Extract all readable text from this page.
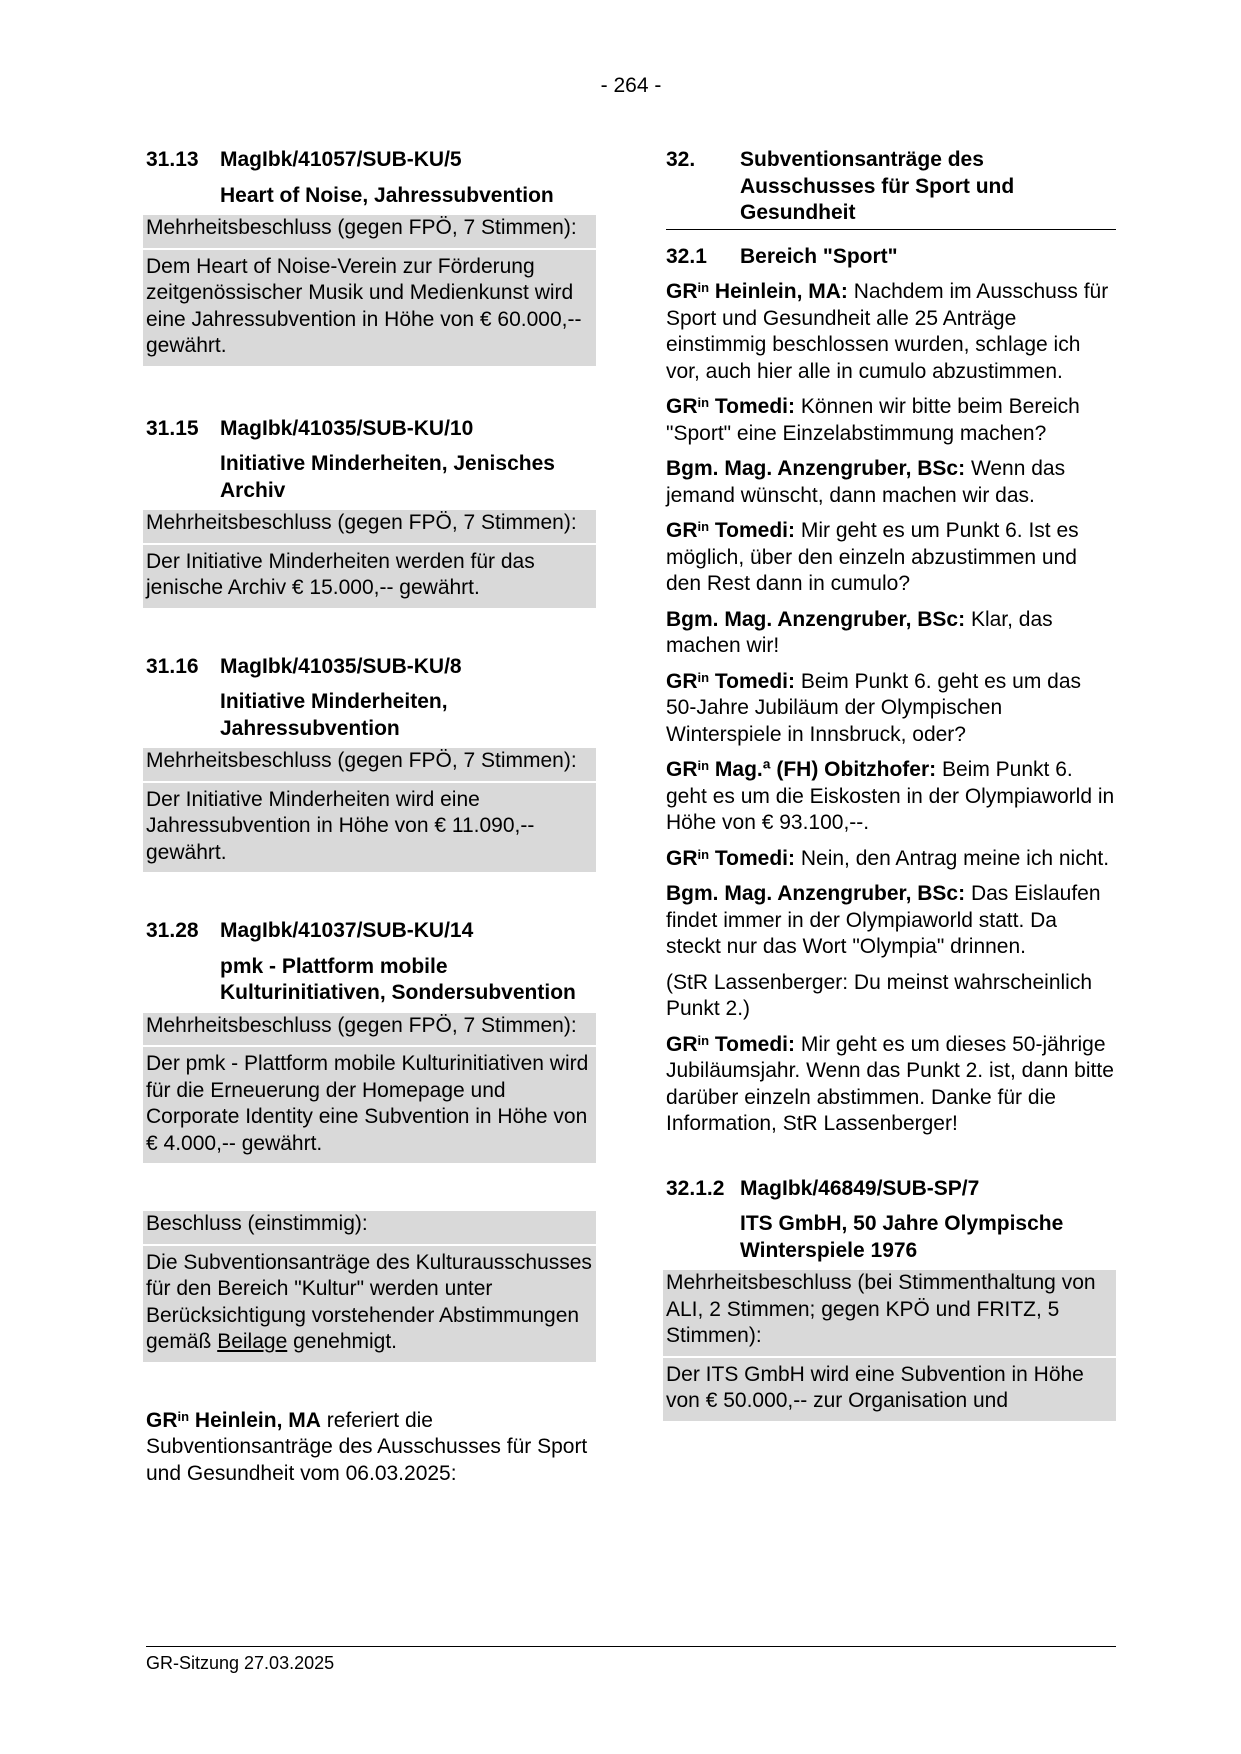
- 264 -
31.13	MagIbk/41057/SUB-KU/5
Heart of Noise, Jahressubvention

Mehrheitsbeschluss (gegen FPÖ, 7 Stimmen):

Dem Heart of Noise-Verein zur Förderung zeitgenössischer Musik und Medienkunst wird eine Jahressubvention in Höhe von € 60.000,-- gewährt.

31.15	MagIbk/41035/SUB-KU/10
Initiative Minderheiten, Jenisches Archiv

Mehrheitsbeschluss (gegen FPÖ, 7 Stimmen):

Der Initiative Minderheiten werden für das jenische Archiv € 15.000,-- gewährt.

31.16	MagIbk/41035/SUB-KU/8
Initiative Minderheiten, Jahressubvention

Mehrheitsbeschluss (gegen FPÖ, 7 Stimmen):

Der Initiative Minderheiten wird eine Jahressubvention in Höhe von € 11.090,-- gewährt.

31.28	MagIbk/41037/SUB-KU/14
pmk - Plattform mobile Kulturinitiativen, Sondersubvention

Mehrheitsbeschluss (gegen FPÖ, 7 Stimmen):

Der pmk - Plattform mobile Kulturinitiativen wird für die Erneuerung der Homepage und Corporate Identity eine Subvention in Höhe von € 4.000,-- gewährt.

Beschluss (einstimmig):

Die Subventionsanträge des Kulturausschusses für den Bereich "Kultur" werden unter Berücksichtigung vorstehender Abstimmungen gemäß Beilage genehmigt.

$GR^{in}$ Heinlein, MA referiert die Subventionsanträge des Ausschusses für Sport und Gesundheit vom 06.03.2025:

32.	Subventionsanträge des Ausschusses für Sport und Gesundheit
32.1	Bereich "Sport"

$GR^{in}$ Heinlein, MA: Nachdem im Ausschuss für Sport und Gesundheit alle 25 Anträge einstimmig beschlossen wurden, schlage ich vor, auch hier alle in cumulo abzustimmen.

$GR^{in}$ Tomedi: Können wir bitte beim Bereich "Sport" eine Einzelabstimmung machen?

Bgm. Mag. Anzengruber, BSc: Wenn das jemand wünscht, dann machen wir das.

$GR^{in}$ Tomedi: Mir geht es um Punkt 6. Ist es möglich, über den einzeln abzustimmen und den Rest dann in cumulo?

Bgm. Mag. Anzengruber, BSc: Klar, das machen wir!

$GR^{in}$ Tomedi: Beim Punkt 6. geht es um das 50-Jahre Jubiläum der Olympischen Winterspiele in Innsbruck, oder?

$GR^{in}$ Mag.ª (FH) Obitzhofer: Beim Punkt 6. geht es um die Eiskosten in der Olympiaworld in Höhe von € 93.100,--.

$GR^{in}$ Tomedi: Nein, den Antrag meine ich nicht.

Bgm. Mag. Anzengruber, BSc: Das Eislaufen findet immer in der Olympiaworld statt. Da steckt nur das Wort "Olympia" drinnen.

(StR Lassenberger: Du meinst wahrscheinlich Punkt 2.)

$GR^{in}$ Tomedi: Mir geht es um dieses 50-jährige Jubiläumsjahr. Wenn das Punkt 2. ist, dann bitte darüber einzeln abstimmen. Danke für die Information, StR Lassenberger!

32.1.2 MagIbk/46849/SUB-SP/7
ITS GmbH, 50 Jahre Olympische Winterspiele 1976

Mehrheitsbeschluss (bei Stimmenthaltung von ALI, 2 Stimmen; gegen KPÖ und FRITZ, 5 Stimmen):

Der ITS GmbH wird eine Subvention in Höhe von € 50.000,-- zur Organisation und

GR-Sitzung 27.03.2025
